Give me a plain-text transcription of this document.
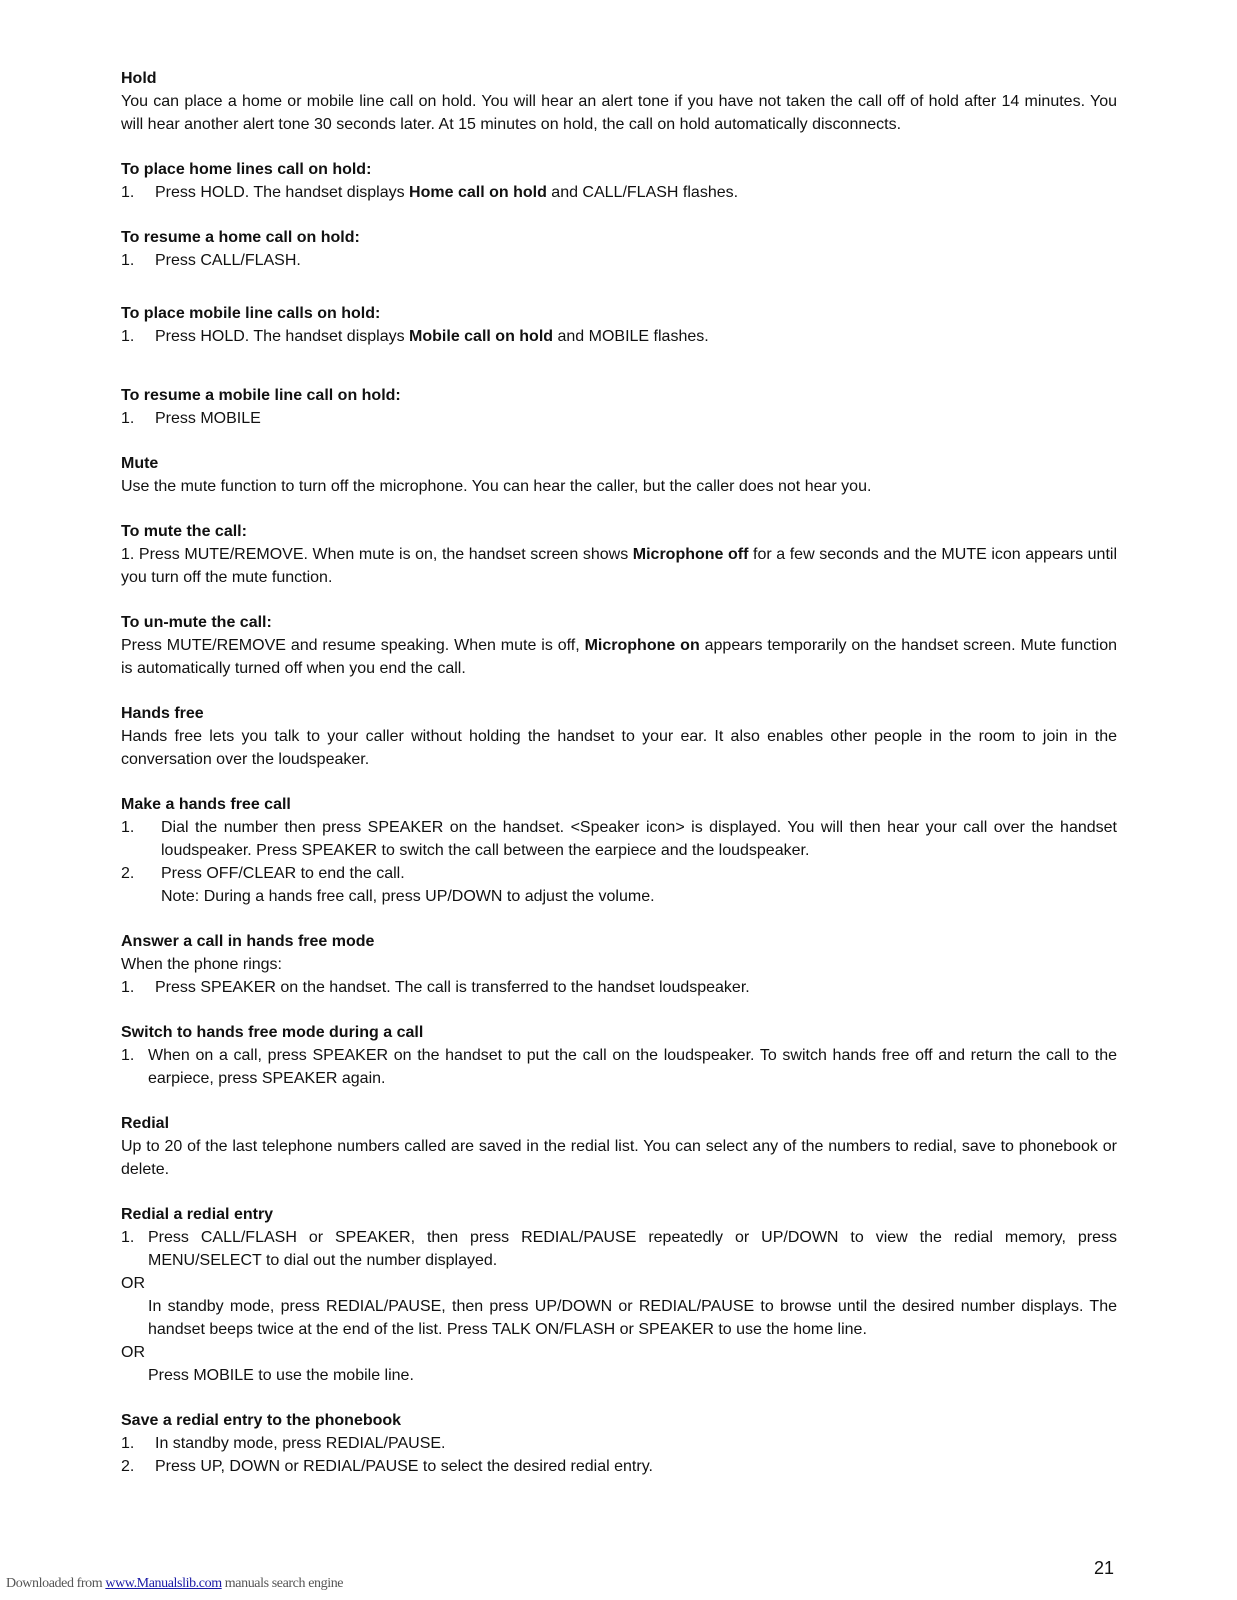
Hold

You can place a home or mobile line call on hold. You will hear an alert tone if you have not taken the call off of hold after 14 minutes. You will hear another alert tone 30 seconds later. At 15 minutes on hold, the call on hold automatically disconnects.

To place home lines call on hold:
1.	Press HOLD. The handset displays Home call on hold and CALL/FLASH flashes.
To resume a home call on hold:
1.	Press CALL/FLASH.
To place mobile line calls on hold:
1.	Press HOLD. The handset displays Mobile call on hold and MOBILE flashes.
To resume a mobile line call on hold:
1.	Press MOBILE
Mute

Use the mute function to turn off the microphone. You can hear the caller, but the caller does not hear you.

To mute the call:

1. Press MUTE/REMOVE. When mute is on, the handset screen shows Microphone off for a few seconds and the MUTE icon appears until you turn off the mute function.

To un-mute the call:

Press MUTE/REMOVE and resume speaking. When mute is off, Microphone on appears temporarily on the handset screen. Mute function is automatically turned off when you end the call.

Hands free

Hands free lets you talk to your caller without holding the handset to your ear. It also enables other people in the room to join in the conversation over the loudspeaker.

Make a hands free call
1.	Dial the number then press SPEAKER on the handset. <Speaker icon> is displayed. You will then hear your call over the handset loudspeaker. Press SPEAKER to switch the call between the earpiece and the loudspeaker.
2.	Press OFF/CLEAR to end the call.
Note: During a hands free call, press UP/DOWN to adjust the volume.
Answer a call in hands free mode
When the phone rings:
1.	Press SPEAKER on the handset. The call is transferred to the handset loudspeaker.
Switch to hands free mode during a call
1. When on a call, press SPEAKER on the handset to put the call on the loudspeaker. To switch hands free off and return the call to the earpiece, press SPEAKER again.
Redial

Up to 20 of the last telephone numbers called are saved in the redial list. You can select any of the numbers to redial, save to phonebook or delete.

Redial a redial entry
1. Press CALL/FLASH or SPEAKER, then press REDIAL/PAUSE repeatedly or UP/DOWN to view the redial memory, press MENU/SELECT to dial out the number displayed.
OR
In standby mode, press REDIAL/PAUSE, then press UP/DOWN or REDIAL/PAUSE to browse until the desired number displays. The handset beeps twice at the end of the list. Press TALK ON/FLASH or SPEAKER to use the home line.
OR
Press MOBILE to use the mobile line.
Save a redial entry to the phonebook
1.	In standby mode, press REDIAL/PAUSE.
2.	Press UP, DOWN or REDIAL/PAUSE to select the desired redial entry.
21
Downloaded from www.Manualslib.com manuals search engine
